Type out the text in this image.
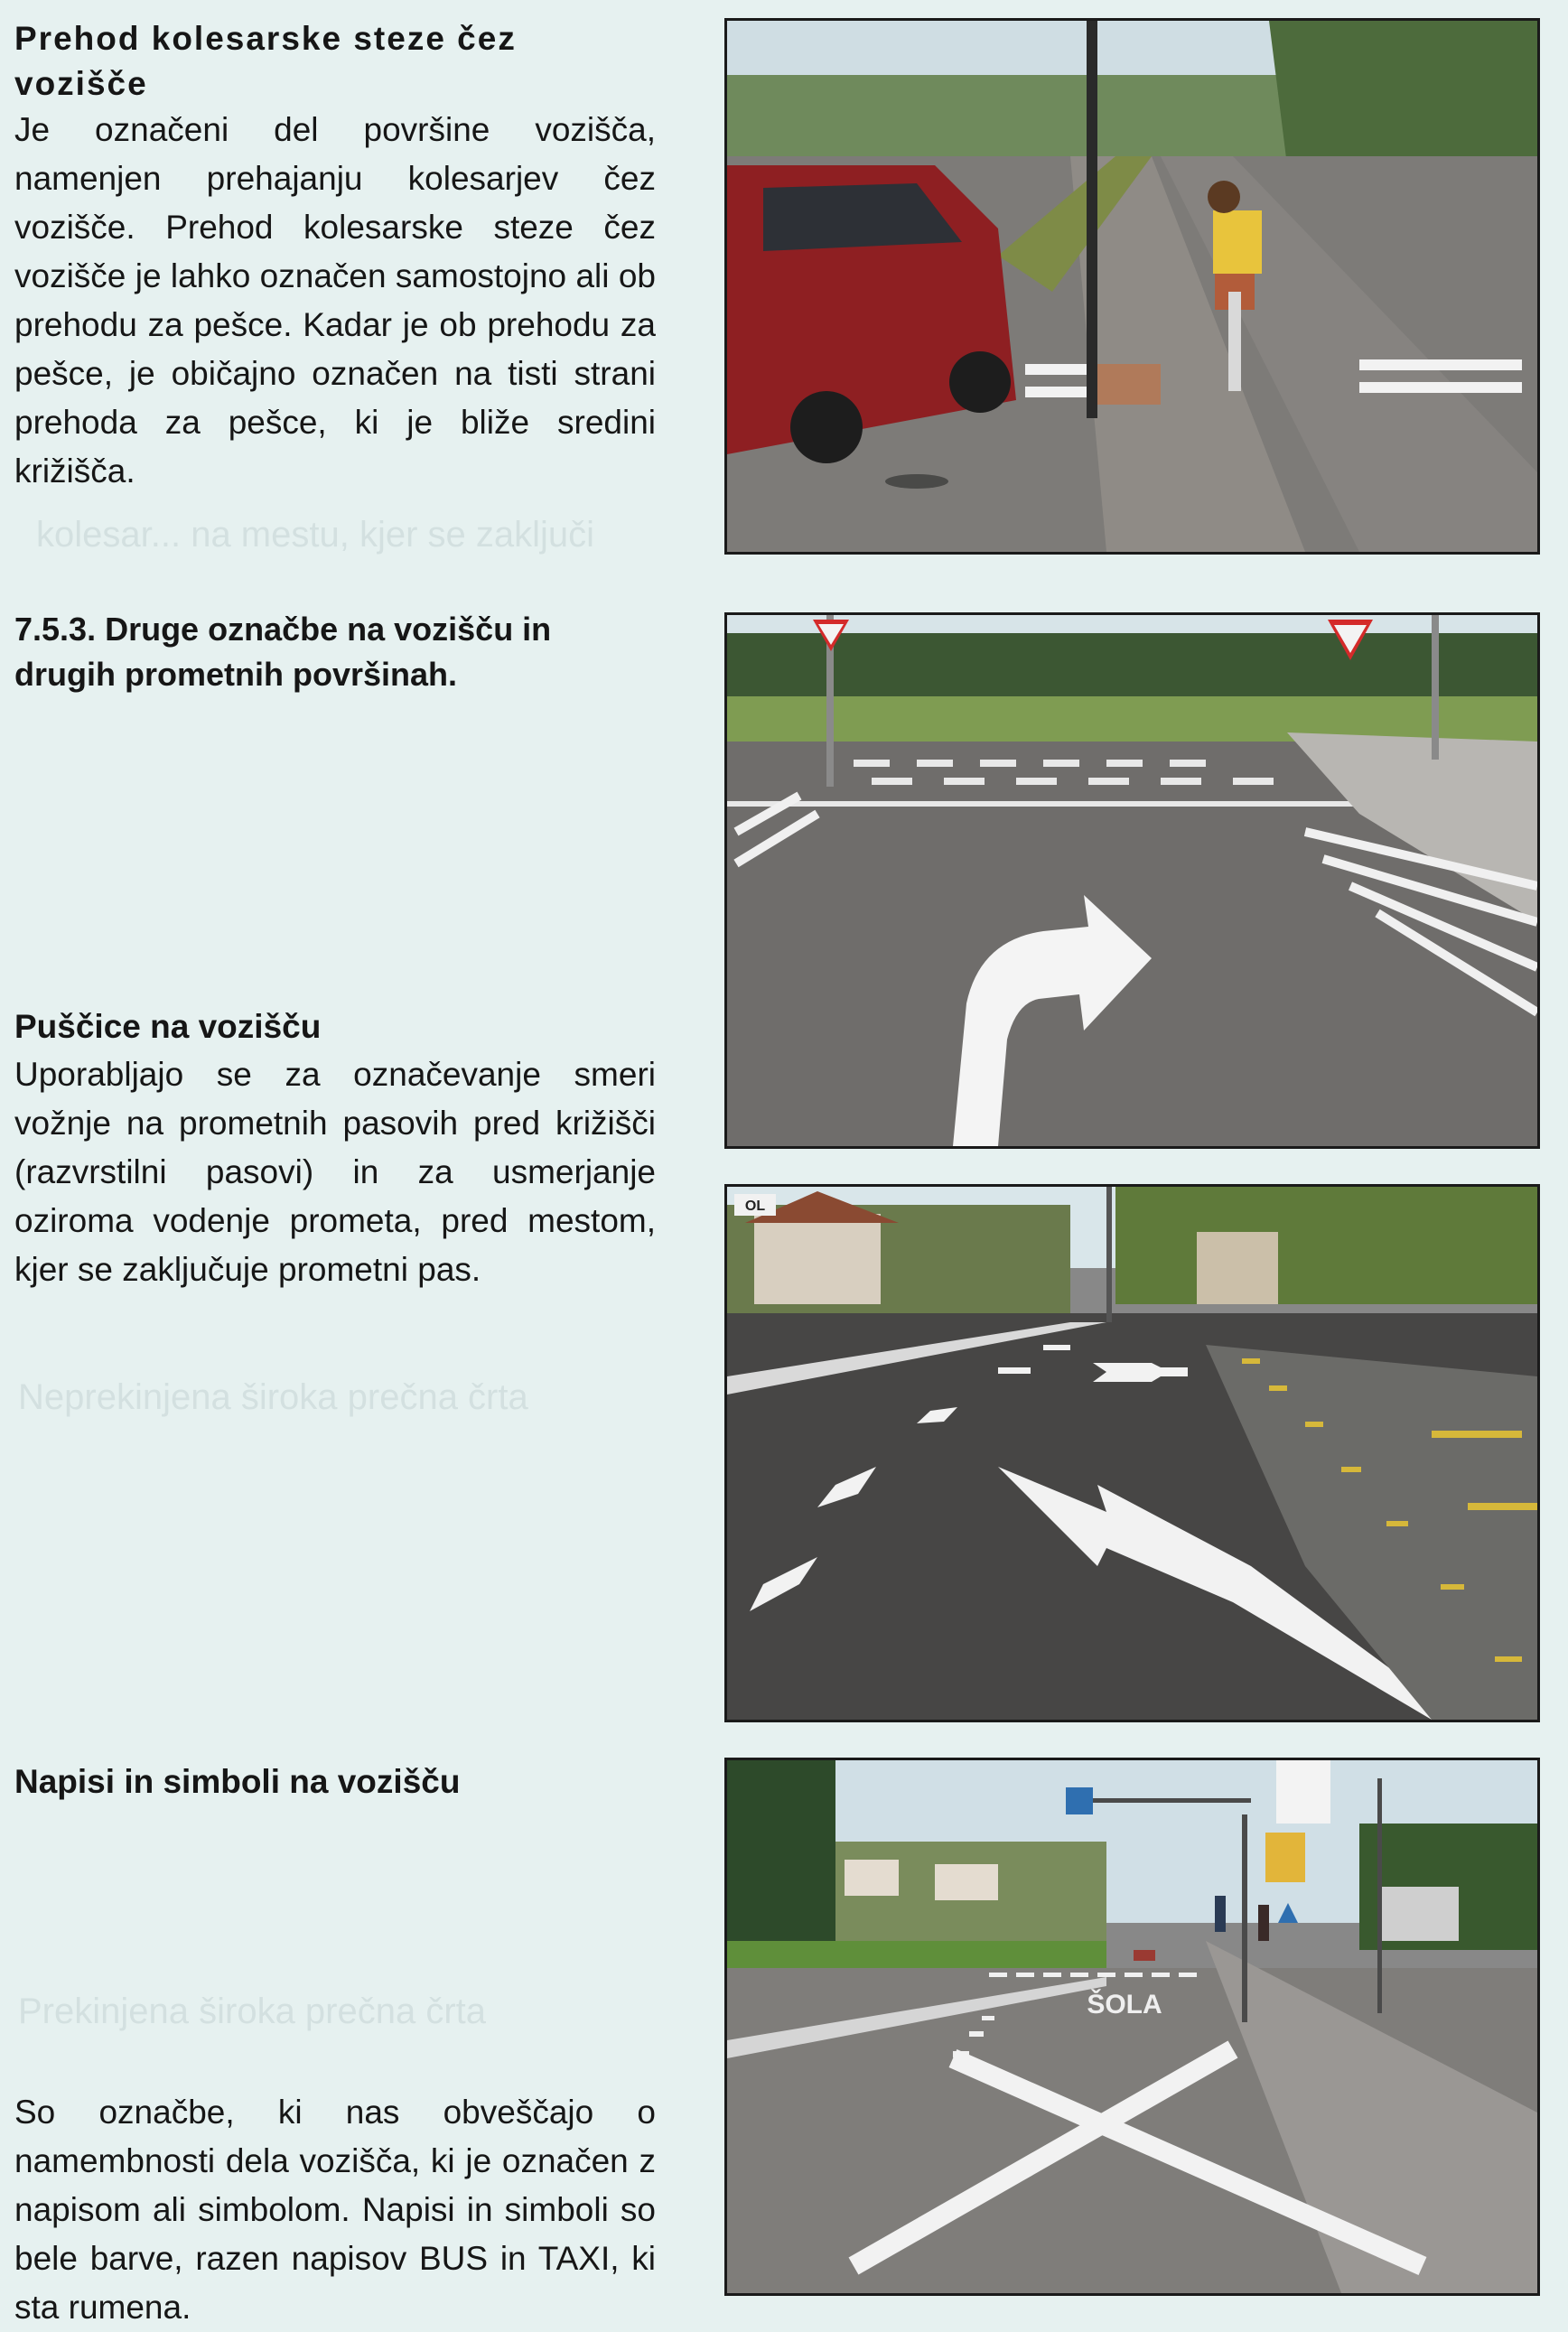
kolesar... na mestu, kjer se zaključi
Neprekinjena široka prečna črta
Prekinjena široka prečna črta
Prehod kolesarske steze čez vozišče

Je označeni del površine vozišča, namenjen prehajanju kolesarjev čez vozišče. Prehod kolesarske steze čez vozišče je lahko označen samostojno ali ob prehodu za pešce. Kadar je ob prehodu za pešce, je običajno označen na tisti strani prehoda za pešce, ki je bliže sredini križišča.

7.5.3. Druge označbe na vozišču in drugih prometnih površinah.
Puščice na vozišču

Uporabljajo se za označevanje smeri vožnje na prometnih pasovih pred križišči (razvrstilni pasovi) in za usmerjanje oziroma vodenje prometa, pred mestom, kjer se zaključuje prometni pas.

Napisi in simboli na vozišču

So označbe, ki nas obveščajo o namembnosti dela vozišča, ki je označen z napisom ali simbolom. Napisi in simboli so bele barve, razen napisov BUS in TAXI, ki sta rumena.

OL
ŠOLA
